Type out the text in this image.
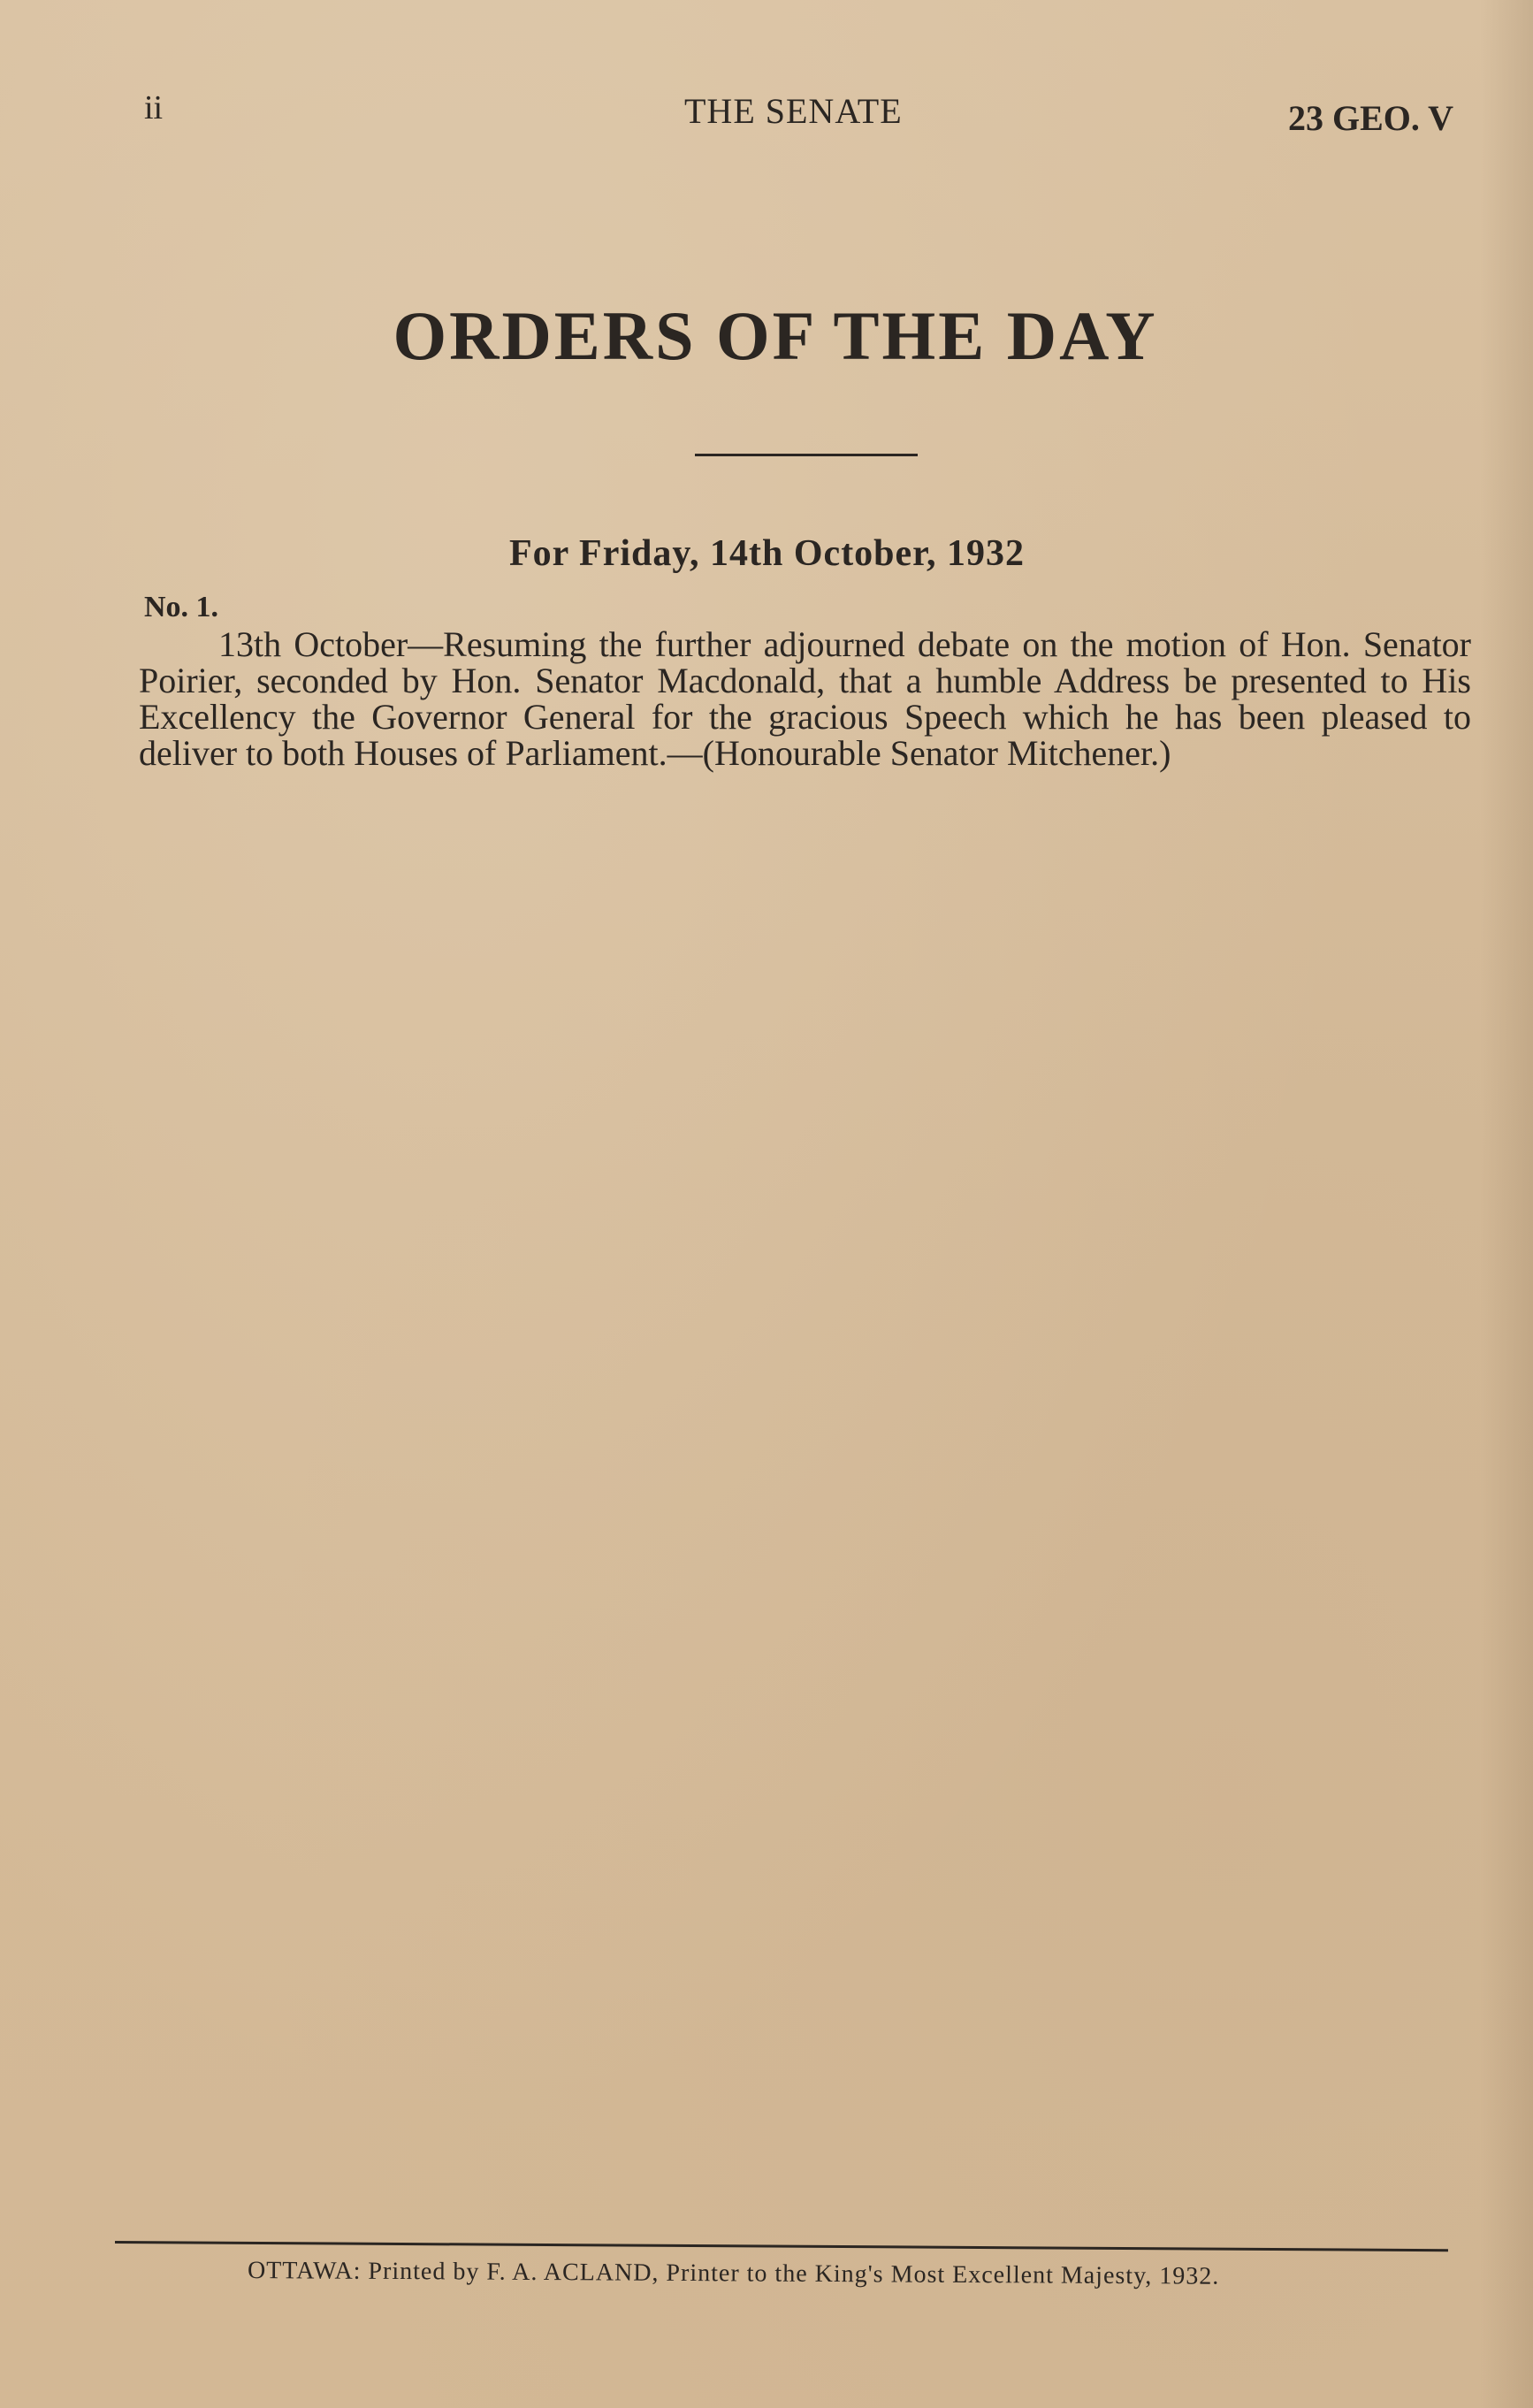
ii	THE SENATE	23 GEO. V
ORDERS OF THE DAY
For Friday, 14th October, 1932
No. 1.
13th October—Resuming the further adjourned debate on the motion of Hon. Senator Poirier, seconded by Hon. Senator Macdonald, that a humble Address be presented to His Excellency the Governor General for the gracious Speech which he has been pleased to deliver to both Houses of Parliament.—(Honourable Senator Mitchener.)
OTTAWA: Printed by F. A. ACLAND, Printer to the King's Most Excellent Majesty, 1932.
